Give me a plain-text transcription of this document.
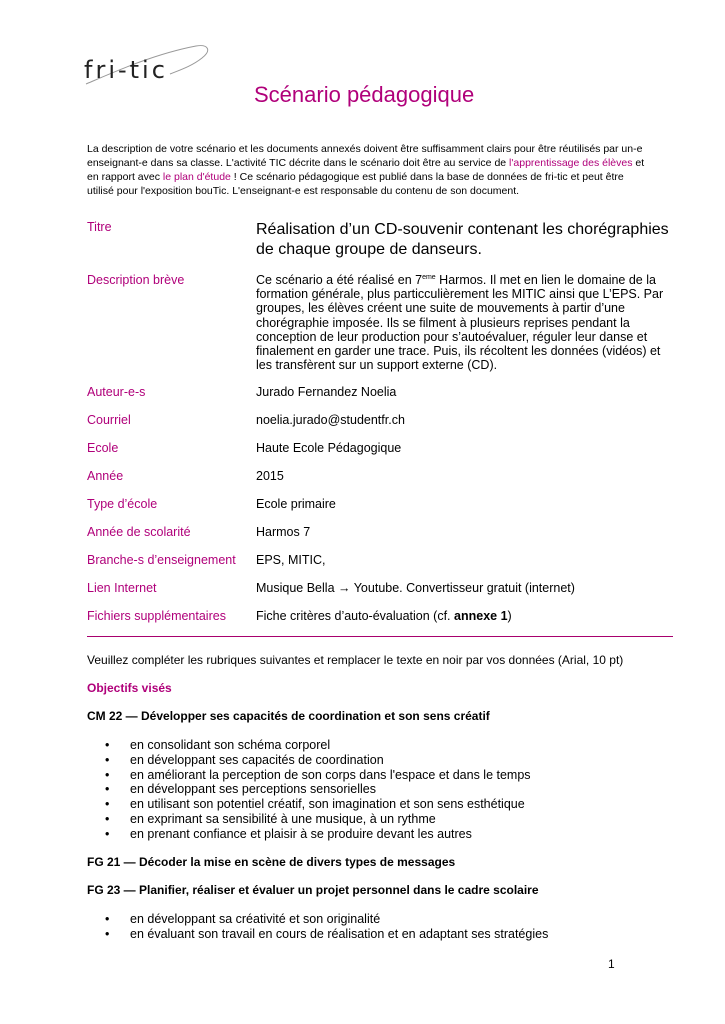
fri-tic
Scénario pédagogique
La description de votre scénario et les documents annexés doivent être suffisamment clairs pour être réutilisés par un-e enseignant-e dans sa classe. L'activité TIC décrite dans le scénario doit être au service de l'apprentissage des élèves et en rapport avec le plan d'étude ! Ce scénario pédagogique est publié dans la base de données de fri-tic et peut être utilisé pour l'exposition bouTic. L'enseignant-e est responsable du contenu de son document.
Titre	Réalisation d’un CD-souvenir contenant les chorégraphies de chaque groupe de danseurs.
Description brève	Ce scénario a été réalisé en 7eme Harmos. Il met en lien le domaine de la formation générale, plus particculièrement les MITIC ainsi que L’EPS. Par groupes, les élèves créent une suite de mouvements à partir d’une chorégraphie imposée. Ils se filment à plusieurs reprises pendant la conception de leur production pour s’autoévaluer, réguler leur danse et finalement en garder une trace. Puis, ils récoltent les données (vidéos) et les transfèrent sur un support externe (CD).
Auteur-e-s	Jurado Fernandez Noelia
Courriel	noelia.jurado@studentfr.ch
Ecole	Haute Ecole Pédagogique
Année	2015
Type d’école	Ecole primaire
Année de scolarité	Harmos 7
Branche-s d’enseignement	EPS, MITIC,
Lien Internet	Musique Bella → Youtube. Convertisseur gratuit (internet)
Fichiers supplémentaires	Fiche critères d’auto-évaluation (cf. annexe 1)
Veuillez compléter les rubriques suivantes et remplacer le texte en noir par vos données (Arial, 10 pt)
Objectifs visés
CM 22 — Développer ses capacités de coordination et son sens créatif
• en consolidant son schéma corporel
• en développant ses capacités de coordination
• en améliorant la perception de son corps dans l'espace et dans le temps
• en développant ses perceptions sensorielles
• en utilisant son potentiel créatif, son imagination et son sens esthétique
• en exprimant sa sensibilité à une musique, à un rythme
• en prenant confiance et plaisir à se produire devant les autres
FG 21 — Décoder la mise en scène de divers types de messages
FG 23 — Planifier, réaliser et évaluer un projet personnel dans le cadre scolaire
• en développant sa créativité et son originalité
• en évaluant son travail en cours de réalisation et en adaptant ses stratégies
1
